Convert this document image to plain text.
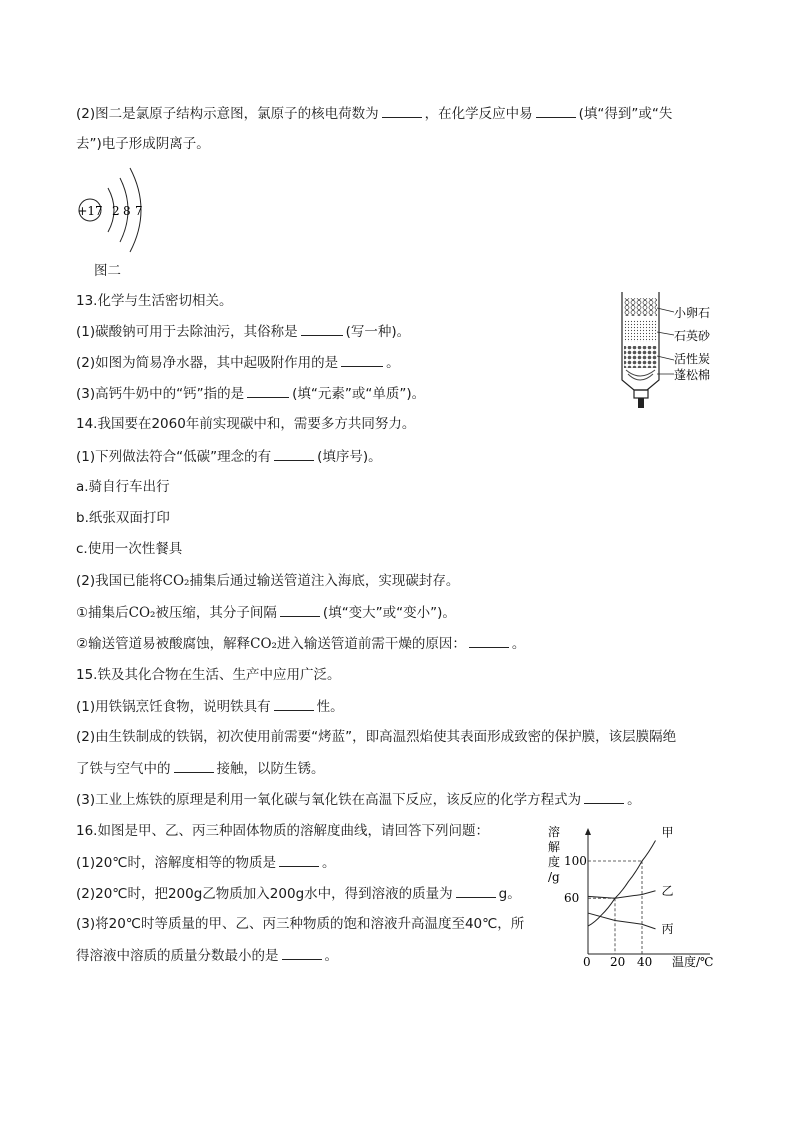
(2)图二是氯原子结构示意图，氯原子的核电荷数为	，在化学反应中易	(填“得到”或“失
去”)电子形成阴离子。
+17 2 8 7
图二
13.化学与生活密切相关。
(1)碳酸钠可用于去除油污，其俗称是	(写一种)。
(2)如图为简易净水器，其中起吸附作用的是	。
(3)高钙牛奶中的“钙”指的是	(填“元素”或“单质”)。
小卵石
石英砂
活性炭
蓬松棉
14.我国要在2060年前实现碳中和，需要多方共同努力。
(1)下列做法符合“低碳”理念的有	(填序号)。
a.骑自行车出行
b.纸张双面打印
c.使用一次性餐具
(2)我国已能将CO₂捕集后通过输送管道注入海底，实现碳封存。
①捕集后CO₂被压缩，其分子间隔	(填“变大”或“变小”)。
②输送管道易被酸腐蚀，解释CO₂进入输送管道前需干燥的原因：	。
15.铁及其化合物在生活、生产中应用广泛。
(1)用铁锅烹饪食物，说明铁具有	性。
(2)由生铁制成的铁锅，初次使用前需要“烤蓝”，即高温烈焰使其表面形成致密的保护膜，该层膜隔绝
了铁与空气中的	接触，以防生锈。
(3)工业上炼铁的原理是利用一氧化碳与氧化铁在高温下反应，该反应的化学方程式为	。
16.如图是甲、乙、丙三种固体物质的溶解度曲线，请回答下列问题：
(1)20℃时，溶解度相等的物质是	。
(2)20℃时，把200g乙物质加入200g水中，得到溶液的质量为	g。
(3)将20℃时等质量的甲、乙、丙三种物质的饱和溶液升高温度至40℃，所
得溶液中溶质的质量分数最小的是	。
溶解度/g
60
100
0 20 40
甲
乙
丙
温度/℃
